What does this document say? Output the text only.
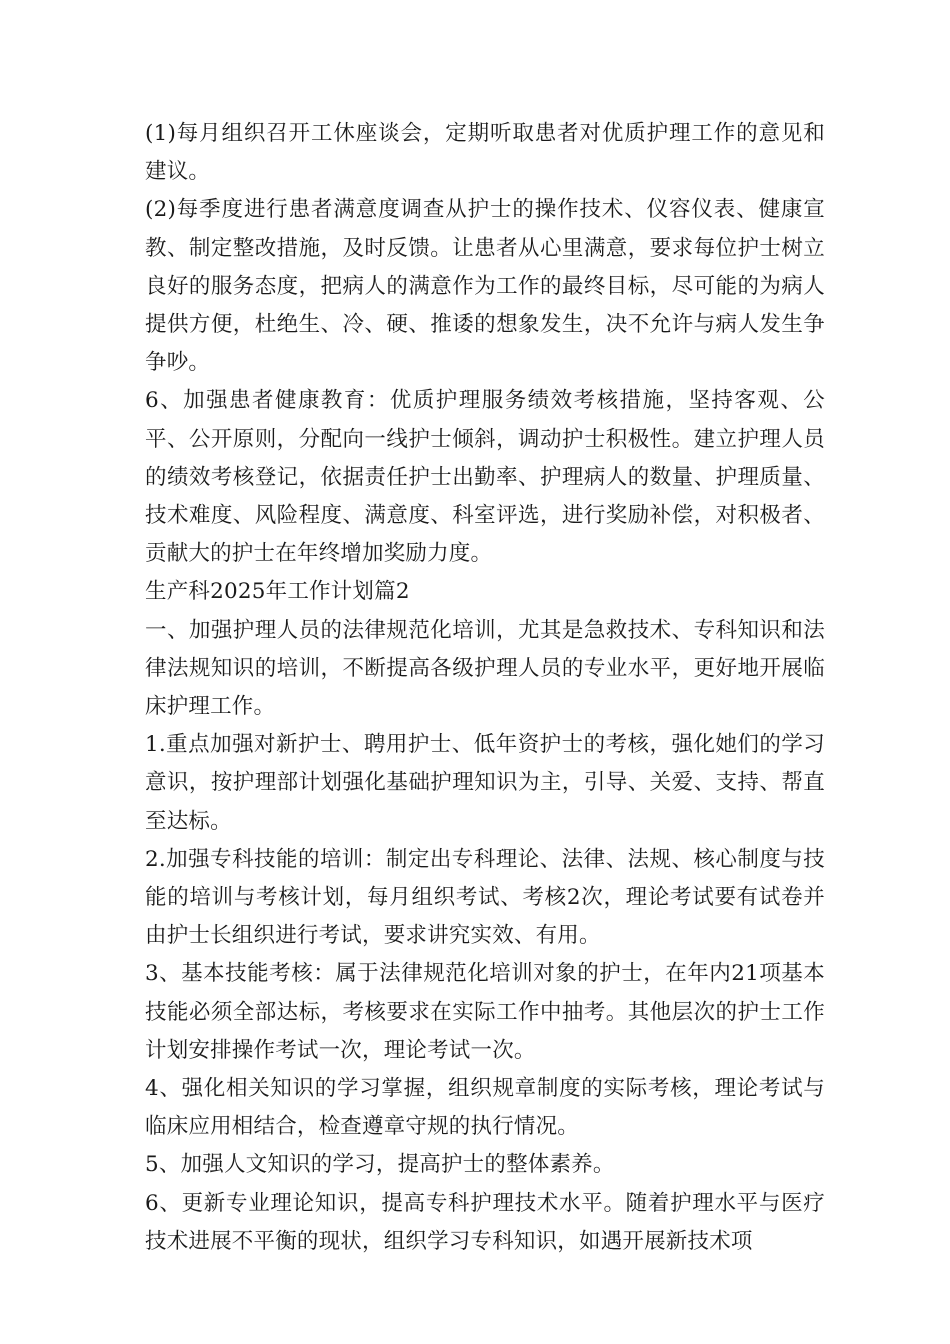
(1)每月组织召开工休座谈会，定期听取患者对优质护理工作的意见和建议。

(2)每季度进行患者满意度调查从护士的操作技术、仪容仪表、健康宣教、制定整改措施，及时反馈。让患者从心里满意，要求每位护士树立良好的服务态度，把病人的满意作为工作的最终目标，尽可能的为病人提供方便，杜绝生、冷、硬、推诿的想象发生，决不允许与病人发生争争吵。

6、加强患者健康教育：优质护理服务绩效考核措施，坚持客观、公平、公开原则，分配向一线护士倾斜，调动护士积极性。建立护理人员的绩效考核登记，依据责任护士出勤率、护理病人的数量、护理质量、技术难度、风险程度、满意度、科室评选，进行奖励补偿，对积极者、贡献大的护士在年终增加奖励力度。

生产科2025年工作计划篇2

一、加强护理人员的法律规范化培训，尤其是急救技术、专科知识和法律法规知识的培训，不断提高各级护理人员的专业水平，更好地开展临床护理工作。

1.重点加强对新护士、聘用护士、低年资护士的考核，强化她们的学习意识，按护理部计划强化基础护理知识为主，引导、关爱、支持、帮直至达标。

2.加强专科技能的培训：制定出专科理论、法律、法规、核心制度与技能的培训与考核计划，每月组织考试、考核2次，理论考试要有试卷并由护士长组织进行考试，要求讲究实效、有用。

3、基本技能考核：属于法律规范化培训对象的护士，在年内21项基本技能必须全部达标，考核要求在实际工作中抽考。其他层次的护士工作计划安排操作考试一次，理论考试一次。

4、强化相关知识的学习掌握，组织规章制度的实际考核，理论考试与临床应用相结合，检查遵章守规的执行情况。

5、加强人文知识的学习，提高护士的整体素养。

6、更新专业理论知识，提高专科护理技术水平。随着护理水平与医疗技术进展不平衡的现状，组织学习专科知识，如遇开展新技术项
